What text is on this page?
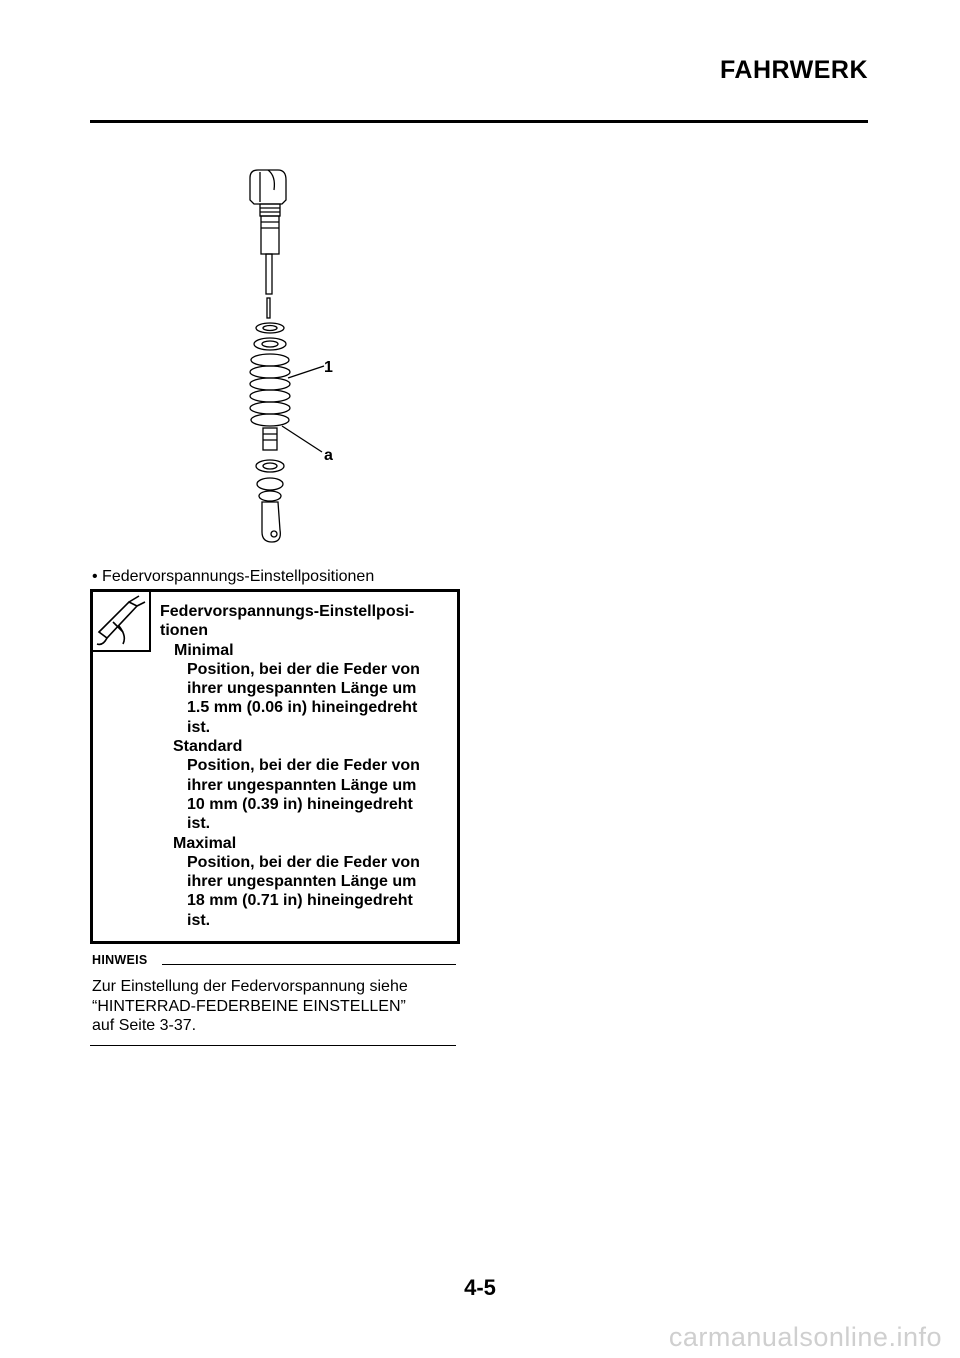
FAHRWERK
1
a
• Federvorspannungs-Einstellpositionen
Federvorspannungs-Einstellposi-
tionen
Minimal
Position, bei der die Feder von
ihrer ungespannten Länge um
1.5 mm (0.06 in) hineingedreht
ist.
Standard
Position, bei der die Feder von
ihrer ungespannten Länge um
10 mm (0.39 in) hineingedreht
ist.
Maximal
Position, bei der die Feder von
ihrer ungespannten Länge um
18 mm (0.71 in) hineingedreht
ist.
HINWEIS
Zur Einstellung der Federvorspannung siehe
“HINTERRAD-FEDERBEINE EINSTELLEN”
auf Seite 3-37.
4-5
carmanualsonline.info
